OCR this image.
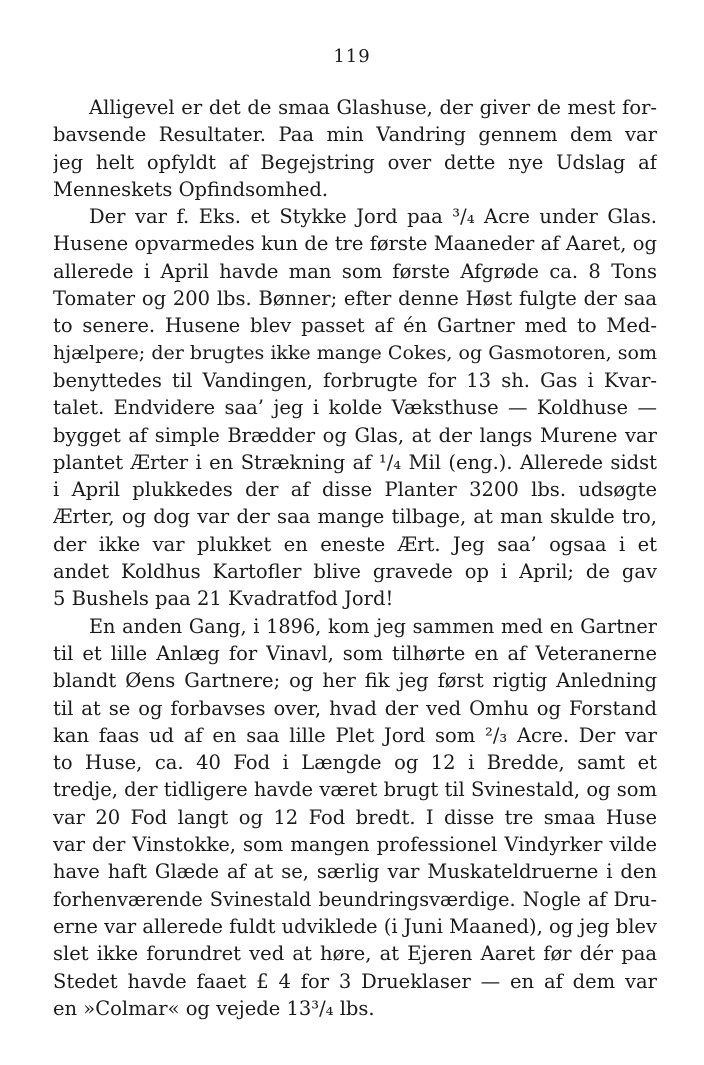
119
Alligevel er det de smaa Glashuse, der giver de mest for-
bavsende Resultater. Paa min Vandring gennem dem var
jeg helt opfyldt af Begejstring over dette nye Udslag af
Menneskets Opfindsomhed.
Der var f. Eks. et Stykke Jord paa ³/₄ Acre under Glas.
Husene opvarmedes kun de tre første Maaneder af Aaret, og
allerede i April havde man som første Afgrøde ca. 8 Tons
Tomater og 200 lbs. Bønner; efter denne Høst fulgte der saa
to senere. Husene blev passet af én Gartner med to Med-
hjælpere; der brugtes ikke mange Cokes, og Gasmotoren, som
benyttedes til Vandingen, forbrugte for 13 sh. Gas i Kvar-
talet. Endvidere saa’ jeg i kolde Væksthuse — Koldhuse —
bygget af simple Brædder og Glas, at der langs Murene var
plantet Ærter i en Strækning af ¹/₄ Mil (eng.). Allerede sidst
i April plukkedes der af disse Planter 3200 lbs. udsøgte
Ærter, og dog var der saa mange tilbage, at man skulde tro,
der ikke var plukket en eneste Ært. Jeg saa’ ogsaa i et
andet Koldhus Kartofler blive gravede op i April; de gav
5 Bushels paa 21 Kvadratfod Jord!
En anden Gang, i 1896, kom jeg sammen med en Gartner
til et lille Anlæg for Vinavl, som tilhørte en af Veteranerne
blandt Øens Gartnere; og her fik jeg først rigtig Anledning
til at se og forbavses over, hvad der ved Omhu og Forstand
kan faas ud af en saa lille Plet Jord som ²/₃ Acre. Der var
to Huse, ca. 40 Fod i Længde og 12 i Bredde, samt et
tredje, der tidligere havde været brugt til Svinestald, og som
var 20 Fod langt og 12 Fod bredt. I disse tre smaa Huse
var der Vinstokke, som mangen professionel Vindyrker vilde
have haft Glæde af at se, særlig var Muskateldruerne i den
forhenværende Svinestald beundringsværdige. Nogle af Dru-
erne var allerede fuldt udviklede (i Juni Maaned), og jeg blev
slet ikke forundret ved at høre, at Ejeren Aaret før dér paa
Stedet havde faaet £ 4 for 3 Drueklaser — en af dem var
en »Colmar« og vejede 13³/₄ lbs.
